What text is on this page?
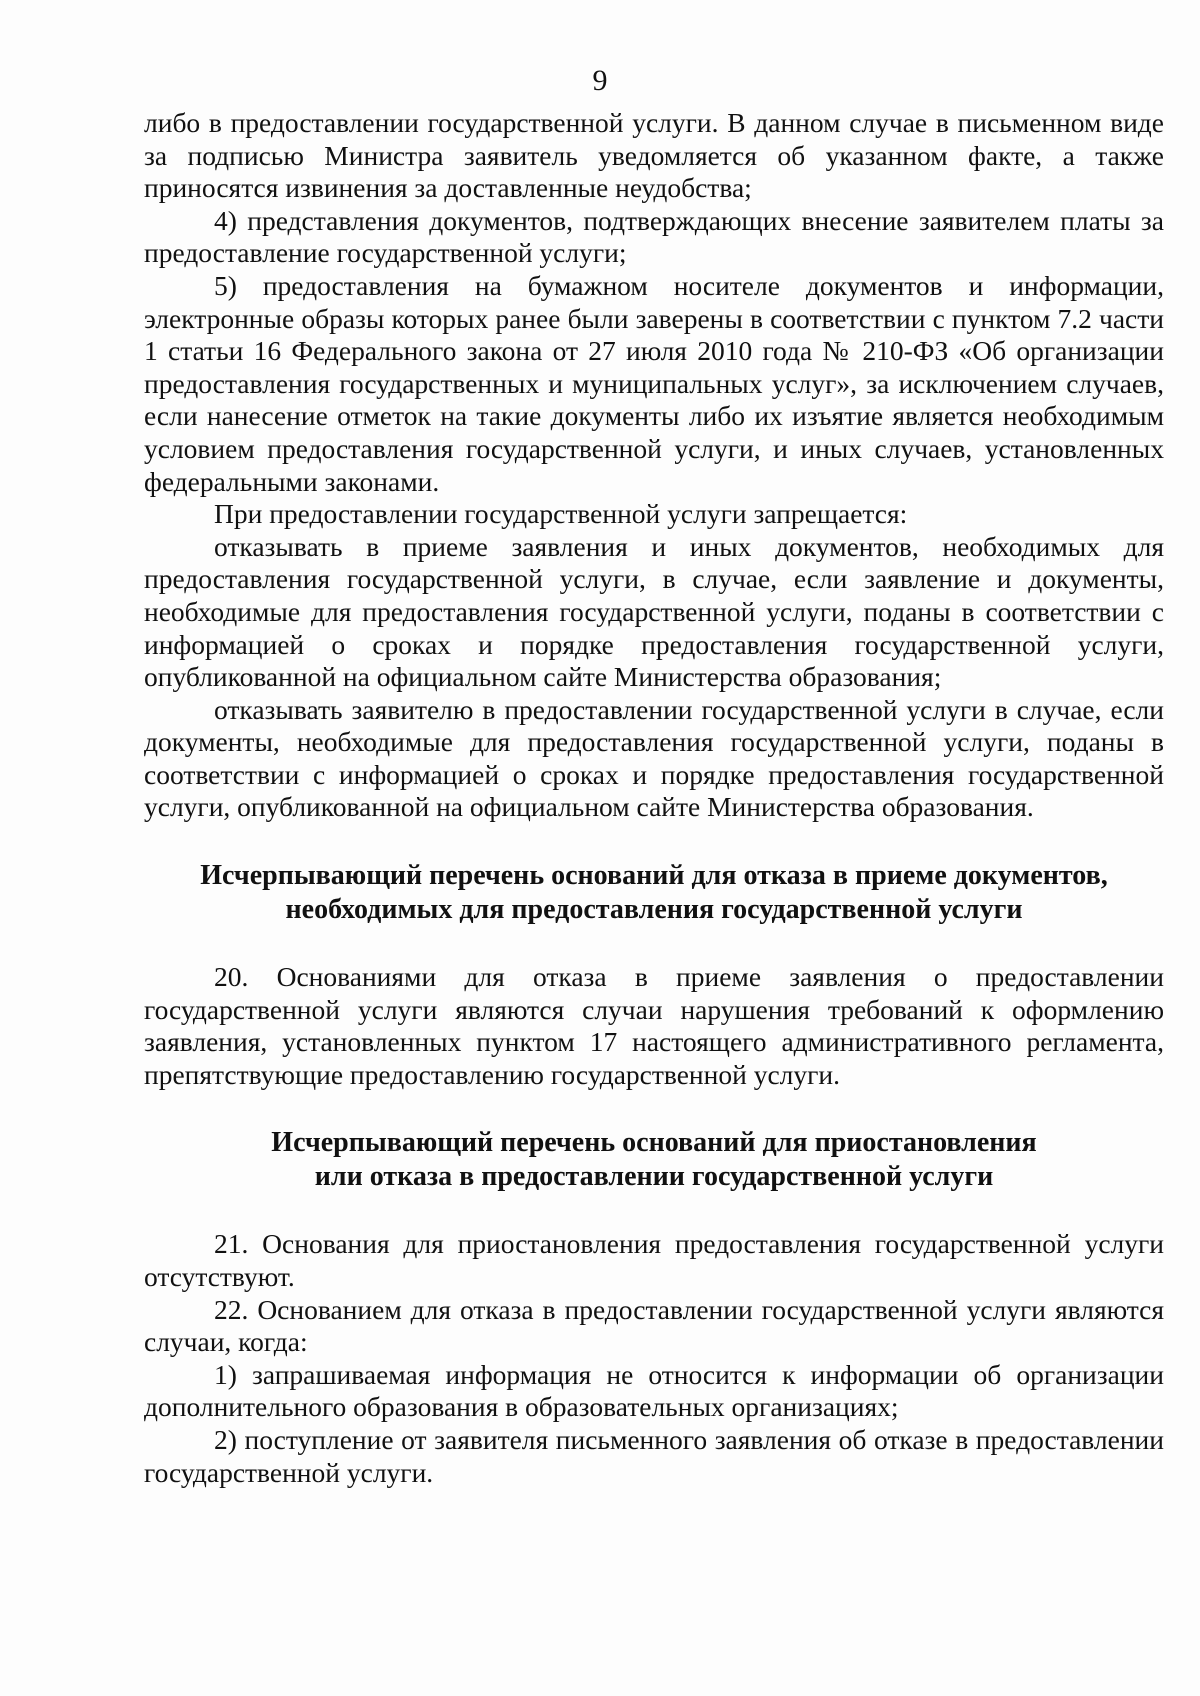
9

либо в предоставлении государственной услуги. В данном случае в письменном виде за подписью Министра заявитель уведомляется об указанном факте, а также приносятся извинения за доставленные неудобства;

4) представления документов, подтверждающих внесение заявителем платы за предоставление государственной услуги;

5) предоставления на бумажном носителе документов и информации, электронные образы которых ранее были заверены в соответствии с пунктом 7.2 части 1 статьи 16 Федерального закона от 27 июля 2010 года № 210-ФЗ «Об организации предоставления государственных и муниципальных услуг», за исключением случаев, если нанесение отметок на такие документы либо их изъятие является необходимым условием предоставления государственной услуги, и иных случаев, установленных федеральными законами.

При предоставлении государственной услуги запрещается:

отказывать в приеме заявления и иных документов, необходимых для предоставления государственной услуги, в случае, если заявление и документы, необходимые для предоставления государственной услуги, поданы в соответствии с информацией о сроках и порядке предоставления государственной услуги, опубликованной на официальном сайте Министерства образования;

отказывать заявителю в предоставлении государственной услуги в случае, если документы, необходимые для предоставления государственной услуги, поданы в соответствии с информацией о сроках и порядке предоставления государственной услуги, опубликованной на официальном сайте Министерства образования.

Исчерпывающий перечень оснований для отказа в приеме документов,
необходимых для предоставления государственной услуги

20. Основаниями для отказа в приеме заявления о предоставлении государственной услуги являются случаи нарушения требований к оформлению заявления, установленных пунктом 17 настоящего административного регламента, препятствующие предоставлению государственной услуги.

Исчерпывающий перечень оснований для приостановления
или отказа в предоставлении государственной услуги

21. Основания для приостановления предоставления государственной услуги отсутствуют.

22. Основанием для отказа в предоставлении государственной услуги являются случаи, когда:

1) запрашиваемая информация не относится к информации об организации дополнительного образования в образовательных организациях;

2) поступление от заявителя письменного заявления об отказе в предоставлении государственной услуги.
